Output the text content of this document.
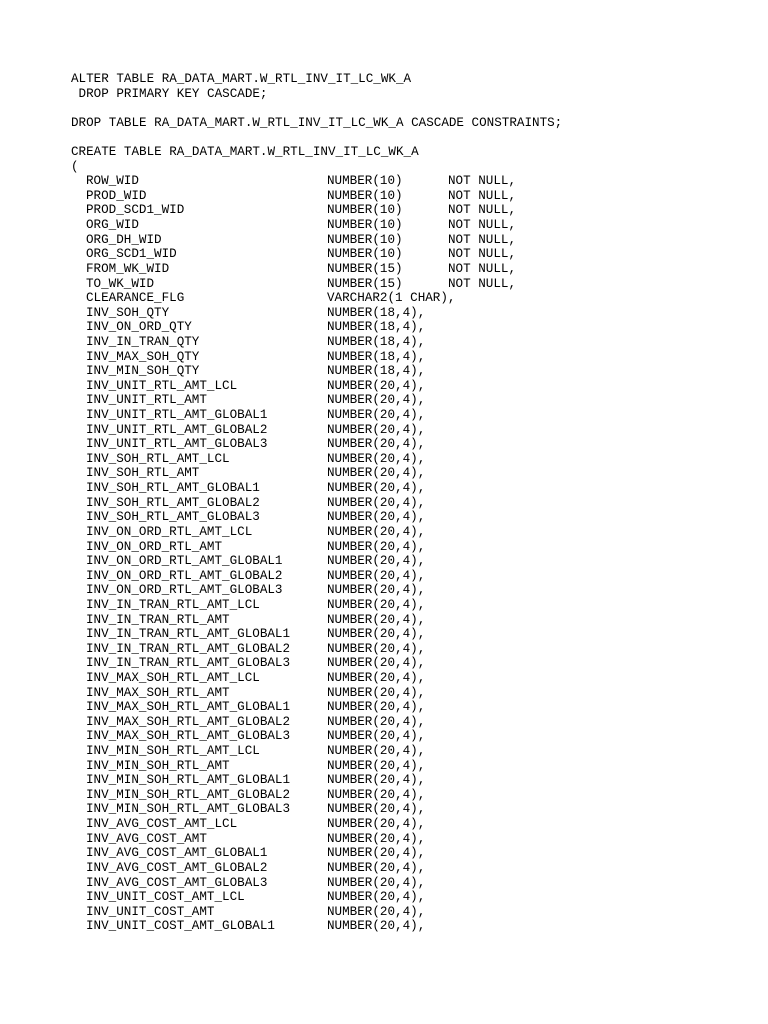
ALTER TABLE RA_DATA_MART.W_RTL_INV_IT_LC_WK_A
DROP PRIMARY KEY CASCADE;
DROP TABLE RA_DATA_MART.W_RTL_INV_IT_LC_WK_A CASCADE CONSTRAINTS;
CREATE TABLE RA_DATA_MART.W_RTL_INV_IT_LC_WK_A
(
ROW_WID	NUMBER(10)	NOT NULL,
PROD_WID	NUMBER(10)	NOT NULL,
PROD_SCD1_WID	NUMBER(10)	NOT NULL,
ORG_WID	NUMBER(10)	NOT NULL,
ORG_DH_WID	NUMBER(10)	NOT NULL,
ORG_SCD1_WID	NUMBER(10)	NOT NULL,
FROM_WK_WID	NUMBER(15)	NOT NULL,
TO_WK_WID	NUMBER(15)	NOT NULL,
CLEARANCE_FLG	VARCHAR2(1 CHAR),
INV_SOH_QTY	NUMBER(18,4),
INV_ON_ORD_QTY	NUMBER(18,4),
INV_IN_TRAN_QTY	NUMBER(18,4),
INV_MAX_SOH_QTY	NUMBER(18,4),
INV_MIN_SOH_QTY	NUMBER(18,4),
INV_UNIT_RTL_AMT_LCL	NUMBER(20,4),
INV_UNIT_RTL_AMT	NUMBER(20,4),
INV_UNIT_RTL_AMT_GLOBAL1	NUMBER(20,4),
INV_UNIT_RTL_AMT_GLOBAL2	NUMBER(20,4),
INV_UNIT_RTL_AMT_GLOBAL3	NUMBER(20,4),
INV_SOH_RTL_AMT_LCL	NUMBER(20,4),
INV_SOH_RTL_AMT	NUMBER(20,4),
INV_SOH_RTL_AMT_GLOBAL1	NUMBER(20,4),
INV_SOH_RTL_AMT_GLOBAL2	NUMBER(20,4),
INV_SOH_RTL_AMT_GLOBAL3	NUMBER(20,4),
INV_ON_ORD_RTL_AMT_LCL	NUMBER(20,4),
INV_ON_ORD_RTL_AMT	NUMBER(20,4),
INV_ON_ORD_RTL_AMT_GLOBAL1	NUMBER(20,4),
INV_ON_ORD_RTL_AMT_GLOBAL2	NUMBER(20,4),
INV_ON_ORD_RTL_AMT_GLOBAL3	NUMBER(20,4),
INV_IN_TRAN_RTL_AMT_LCL	NUMBER(20,4),
INV_IN_TRAN_RTL_AMT	NUMBER(20,4),
INV_IN_TRAN_RTL_AMT_GLOBAL1	NUMBER(20,4),
INV_IN_TRAN_RTL_AMT_GLOBAL2	NUMBER(20,4),
INV_IN_TRAN_RTL_AMT_GLOBAL3	NUMBER(20,4),
INV_MAX_SOH_RTL_AMT_LCL	NUMBER(20,4),
INV_MAX_SOH_RTL_AMT	NUMBER(20,4),
INV_MAX_SOH_RTL_AMT_GLOBAL1	NUMBER(20,4),
INV_MAX_SOH_RTL_AMT_GLOBAL2	NUMBER(20,4),
INV_MAX_SOH_RTL_AMT_GLOBAL3	NUMBER(20,4),
INV_MIN_SOH_RTL_AMT_LCL	NUMBER(20,4),
INV_MIN_SOH_RTL_AMT	NUMBER(20,4),
INV_MIN_SOH_RTL_AMT_GLOBAL1	NUMBER(20,4),
INV_MIN_SOH_RTL_AMT_GLOBAL2	NUMBER(20,4),
INV_MIN_SOH_RTL_AMT_GLOBAL3	NUMBER(20,4),
INV_AVG_COST_AMT_LCL	NUMBER(20,4),
INV_AVG_COST_AMT	NUMBER(20,4),
INV_AVG_COST_AMT_GLOBAL1	NUMBER(20,4),
INV_AVG_COST_AMT_GLOBAL2	NUMBER(20,4),
INV_AVG_COST_AMT_GLOBAL3	NUMBER(20,4),
INV_UNIT_COST_AMT_LCL	NUMBER(20,4),
INV_UNIT_COST_AMT	NUMBER(20,4),
INV_UNIT_COST_AMT_GLOBAL1	NUMBER(20,4),
